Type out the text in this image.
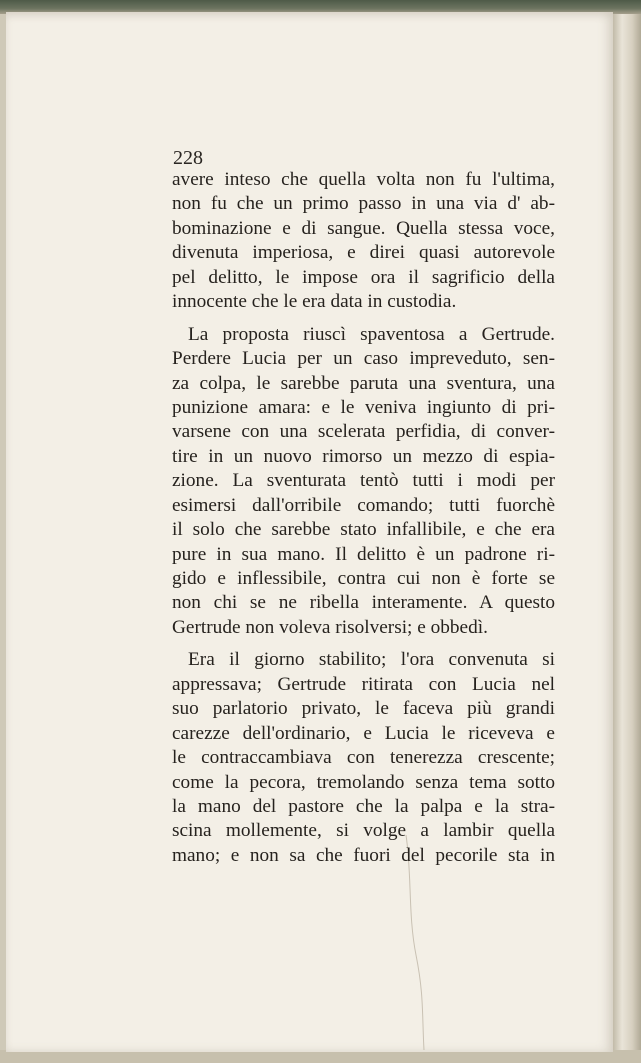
228
avere inteso che quella volta non fu l'ultima,
non fu che un primo passo in una via d' ab-
bominazione e di sangue. Quella stessa voce,
divenuta imperiosa, e direi quasi autorevole
pel delitto, le impose ora il sagrificio della
innocente che le era data in custodia.
La proposta riuscì spaventosa a Gertrude.
Perdere Lucia per un caso impreveduto, sen-
za colpa, le sarebbe paruta una sventura, una
punizione amara: e le veniva ingiunto di pri-
varsene con una scelerata perfidia, di conver-
tire in un nuovo rimorso un mezzo di espia-
zione. La sventurata tentò tutti i modi per
esimersi dall'orribile comando; tutti fuorchè
il solo che sarebbe stato infallibile, e che era
pure in sua mano. Il delitto è un padrone ri-
gido e inflessibile, contra cui non è forte se
non chi se ne ribella interamente. A questo
Gertrude non voleva risolversi; e obbedì.
Era il giorno stabilito; l'ora convenuta si
appressava; Gertrude ritirata con Lucia nel
suo parlatorio privato, le faceva più grandi
carezze dell'ordinario, e Lucia le riceveva e
le contraccambiava con tenerezza crescente;
come la pecora, tremolando senza tema sotto
la mano del pastore che la palpa e la stra-
scina mollemente, si volge a lambir quella
mano; e non sa che fuori del pecorile sta in
